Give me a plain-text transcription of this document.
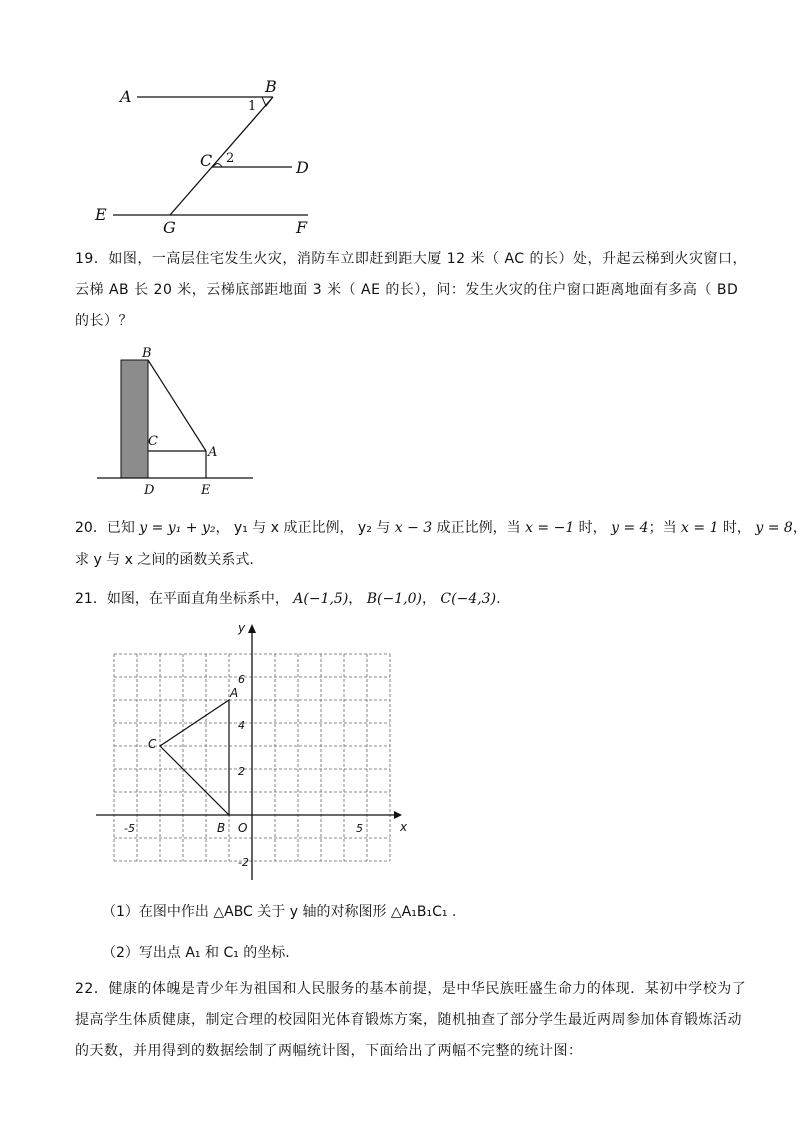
A
B
1
C 2	D
E
G	F
19．如图，一高层住宅发生火灾，消防车立即赶到距大厦 12 米（ AC 的长）处，升起云梯到火灾窗口，云梯 AB 长 20 米，云梯底部距地面 3 米（ AE 的长），问：发生火灾的住户窗口距离地面有多高（ BD 的长）？
B
C
A
D	E
20．已知 y = y₁ + y₂， y₁ 与 x 成正比例， y₂ 与 x − 3 成正比例，当 x = −1 时， y = 4；当 x = 1 时， y = 8，
求 y 与 x 之间的函数关系式.
21．如图，在平面直角坐标系中， A(−1,5)， B(−1,0)， C(−4,3).
x
y
O
-5	5
6
4
2
-2
A
B
C
（1）在图中作出 △ABC 关于 y 轴的对称图形 △A₁B₁C₁ .
（2）写出点 A₁ 和 C₁ 的坐标.
22．健康的体魄是青少年为祖国和人民服务的基本前提，是中华民族旺盛生命力的体现．某初中学校为了提高学生体质健康，制定合理的校园阳光体育锻炼方案，随机抽查了部分学生最近两周参加体育锻炼活动的天数，并用得到的数据绘制了两幅统计图，下面给出了两幅不完整的统计图：
